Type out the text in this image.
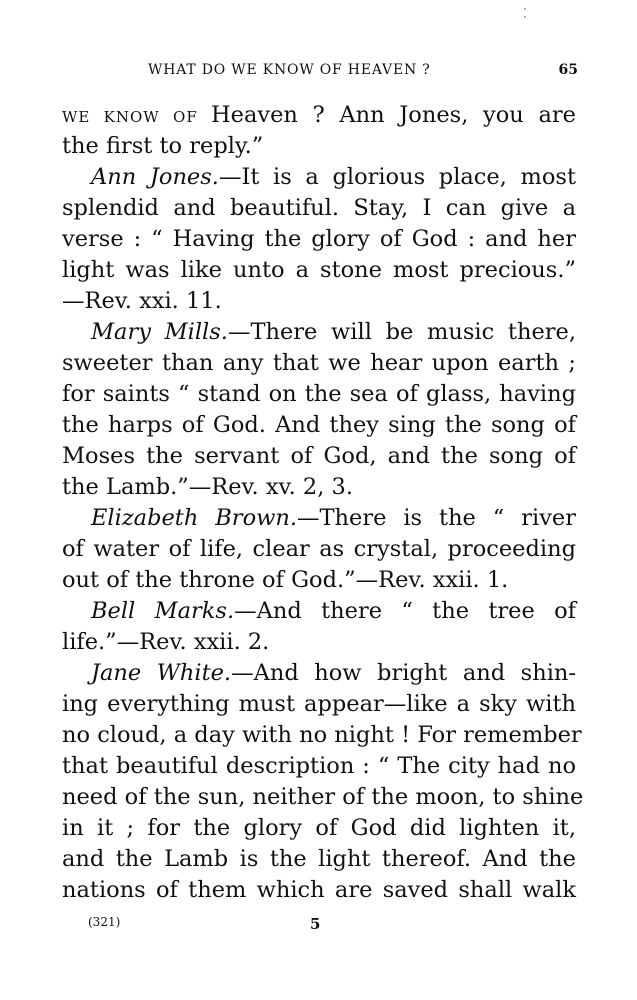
WHAT DO WE KNOW OF HEAVEN ?	65
WE KNOW OF Heaven ? Ann Jones, you are
the first to reply.”
Ann Jones.—It is a glorious place, most
splendid and beautiful. Stay, I can give a
verse : “ Having the glory of God : and her
light was like unto a stone most precious.”
—Rev. xxi. 11.
Mary Mills.—There will be music there,
sweeter than any that we hear upon earth ;
for saints “ stand on the sea of glass, having
the harps of God. And they sing the song of
Moses the servant of God, and the song of
the Lamb.”—Rev. xv. 2, 3.
Elizabeth Brown.—There is the “ river
of water of life, clear as crystal, proceeding
out of the throne of God.”—Rev. xxii. 1.
Bell Marks.—And there “ the tree of
life.”—Rev. xxii. 2.
Jane White.—And how bright and shin-
ing everything must appear—like a sky with
no cloud, a day with no night ! For remember
that beautiful description : “ The city had no
need of the sun, neither of the moon, to shine
in it ; for the glory of God did lighten it,
and the Lamb is the light thereof. And the
nations of them which are saved shall walk
(321)	5
